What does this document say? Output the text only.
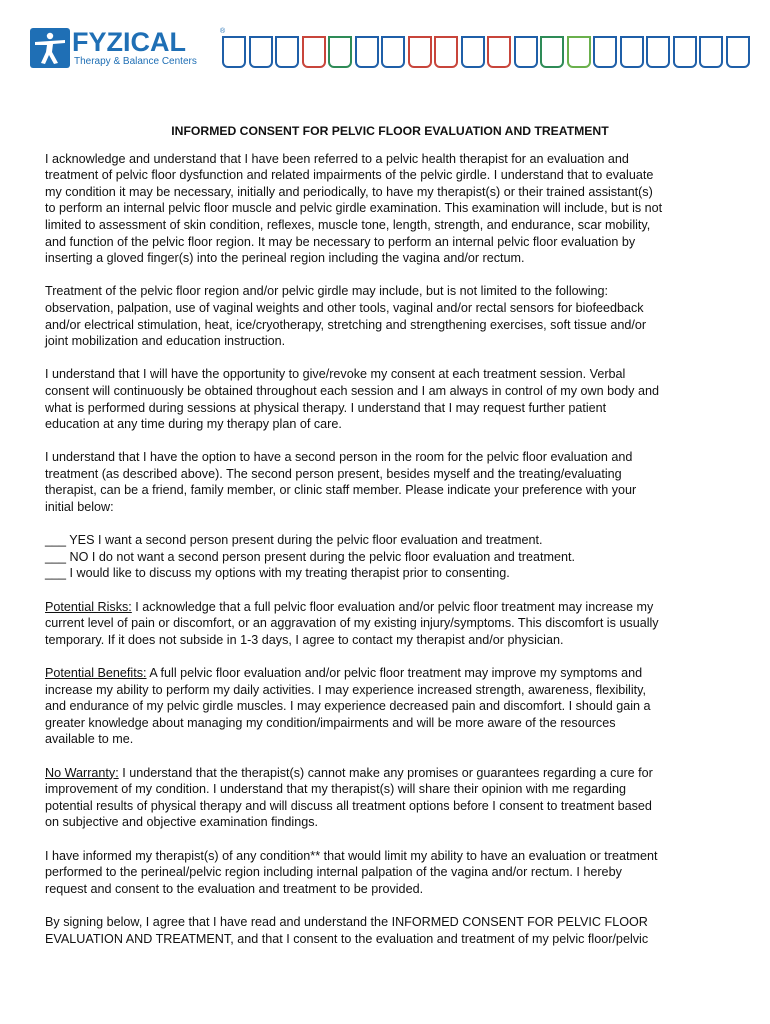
FYZICAL	®
Therapy & Balance Centers
INFORMED CONSENT FOR PELVIC FLOOR EVALUATION AND TREATMENT
I acknowledge and understand that I have been referred to a pelvic health therapist for an evaluation and
treatment of pelvic floor dysfunction and related impairments of the pelvic girdle. I understand that to evaluate
my condition it may be necessary, initially and periodically, to have my therapist(s) or their trained assistant(s)
to perform an internal pelvic floor muscle and pelvic girdle examination. This examination will include, but is not
limited to assessment of skin condition, reflexes, muscle tone, length, strength, and endurance, scar mobility,
and function of the pelvic floor region. It may be necessary to perform an internal pelvic floor evaluation by
inserting a gloved finger(s) into the perineal region including the vagina and/or rectum.
Treatment of the pelvic floor region and/or pelvic girdle may include, but is not limited to the following:
observation, palpation, use of vaginal weights and other tools, vaginal and/or rectal sensors for biofeedback
and/or electrical stimulation, heat, ice/cryotherapy, stretching and strengthening exercises, soft tissue and/or
joint mobilization and education instruction.
I understand that I will have the opportunity to give/revoke my consent at each treatment session. Verbal
consent will continuously be obtained throughout each session and I am always in control of my own body and
what is performed during sessions at physical therapy. I understand that I may request further patient
education at any time during my therapy plan of care.
I understand that I have the option to have a second person in the room for the pelvic floor evaluation and
treatment (as described above). The second person present, besides myself and the treating/evaluating
therapist, can be a friend, family member, or clinic staff member. Please indicate your preference with your
initial below:
___ YES I want a second person present during the pelvic floor evaluation and treatment.
___ NO I do not want a second person present during the pelvic floor evaluation and treatment.
___ I would like to discuss my options with my treating therapist prior to consenting.
Potential Risks: I acknowledge that a full pelvic floor evaluation and/or pelvic floor treatment may increase my
current level of pain or discomfort, or an aggravation of my existing injury/symptoms. This discomfort is usually
temporary. If it does not subside in 1-3 days, I agree to contact my therapist and/or physician.
Potential Benefits: A full pelvic floor evaluation and/or pelvic floor treatment may improve my symptoms and
increase my ability to perform my daily activities. I may experience increased strength, awareness, flexibility,
and endurance of my pelvic girdle muscles. I may experience decreased pain and discomfort. I should gain a
greater knowledge about managing my condition/impairments and will be more aware of the resources
available to me.
No Warranty: I understand that the therapist(s) cannot make any promises or guarantees regarding a cure for
improvement of my condition. I understand that my therapist(s) will share their opinion with me regarding
potential results of physical therapy and will discuss all treatment options before I consent to treatment based
on subjective and objective examination findings.
I have informed my therapist(s) of any condition** that would limit my ability to have an evaluation or treatment
performed to the perineal/pelvic region including internal palpation of the vagina and/or rectum. I hereby
request and consent to the evaluation and treatment to be provided.
By signing below, I agree that I have read and understand the INFORMED CONSENT FOR PELVIC FLOOR
EVALUATION AND TREATMENT, and that I consent to the evaluation and treatment of my pelvic floor/pelvic
